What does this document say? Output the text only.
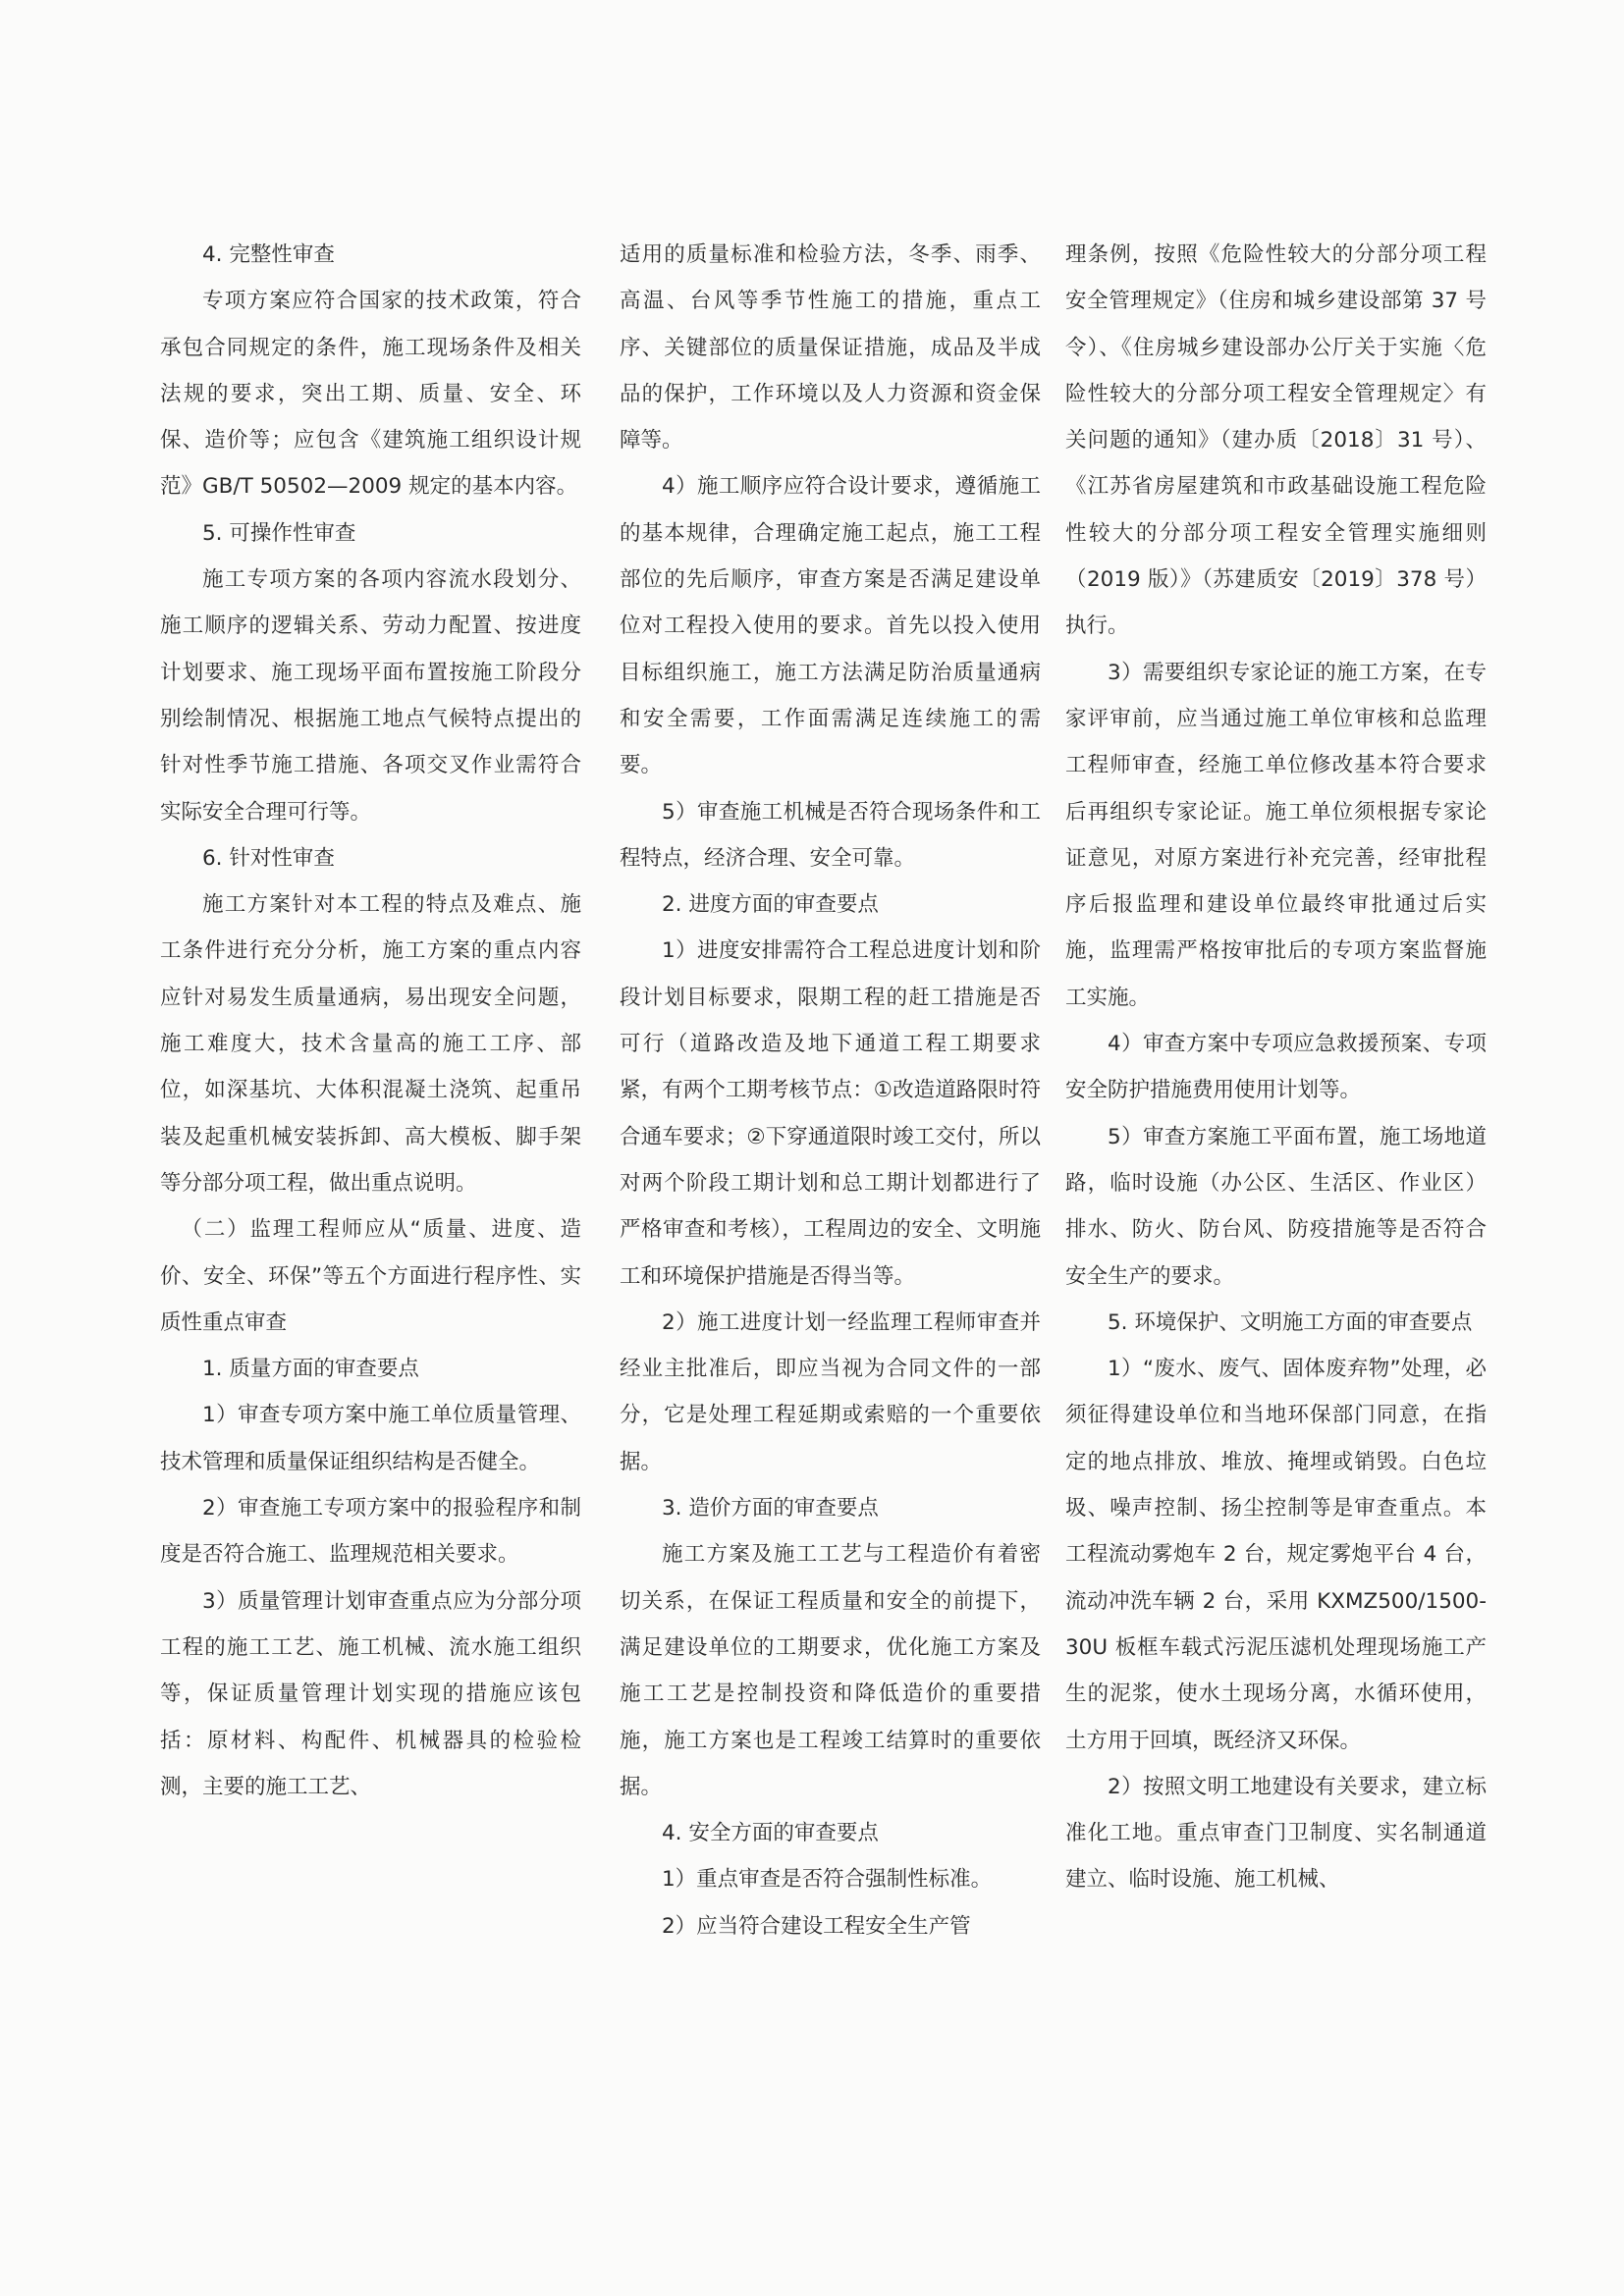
4. 完整性审查

专项方案应符合国家的技术政策，符合承包合同规定的条件，施工现场条件及相关法规的要求，突出工期、质量、安全、环保、造价等；应包含《建筑施工组织设计规范》GB/T 50502—2009 规定的基本内容。

5. 可操作性审查

施工专项方案的各项内容流水段划分、施工顺序的逻辑关系、劳动力配置、按进度计划要求、施工现场平面布置按施工阶段分别绘制情况、根据施工地点气候特点提出的针对性季节施工措施、各项交叉作业需符合实际安全合理可行等。

6. 针对性审查

施工方案针对本工程的特点及难点、施工条件进行充分分析，施工方案的重点内容应针对易发生质量通病，易出现安全问题，施工难度大，技术含量高的施工工序、部位，如深基坑、大体积混凝土浇筑、起重吊装及起重机械安装拆卸、高大模板、脚手架等分部分项工程，做出重点说明。

（二）监理工程师应从“质量、进度、造价、安全、环保”等五个方面进行程序性、实质性重点审查

1. 质量方面的审查要点

1）审查专项方案中施工单位质量管理、技术管理和质量保证组织结构是否健全。

2）审查施工专项方案中的报验程序和制度是否符合施工、监理规范相关要求。

3）质量管理计划审查重点应为分部分项工程的施工工艺、施工机械、流水施工组织等，保证质量管理计划实现的措施应该包括：原材料、构配件、机械器具的检验检测，主要的施工工艺、

适用的质量标准和检验方法，冬季、雨季、高温、台风等季节性施工的措施，重点工序、关键部位的质量保证措施，成品及半成品的保护，工作环境以及人力资源和资金保障等。

4）施工顺序应符合设计要求，遵循施工的基本规律，合理确定施工起点，施工工程部位的先后顺序，审查方案是否满足建设单位对工程投入使用的要求。首先以投入使用目标组织施工，施工方法满足防治质量通病和安全需要，工作面需满足连续施工的需要。

5）审查施工机械是否符合现场条件和工程特点，经济合理、安全可靠。

2. 进度方面的审查要点

1）进度安排需符合工程总进度计划和阶段计划目标要求，限期工程的赶工措施是否可行（道路改造及地下通道工程工期要求紧，有两个工期考核节点：①改造道路限时符合通车要求；②下穿通道限时竣工交付，所以对两个阶段工期计划和总工期计划都进行了严格审查和考核），工程周边的安全、文明施工和环境保护措施是否得当等。

2）施工进度计划一经监理工程师审查并经业主批准后，即应当视为合同文件的一部分，它是处理工程延期或索赔的一个重要依据。

3. 造价方面的审查要点

施工方案及施工工艺与工程造价有着密切关系，在保证工程质量和安全的前提下，满足建设单位的工期要求，优化施工方案及施工工艺是控制投资和降低造价的重要措施，施工方案也是工程竣工结算时的重要依据。

4. 安全方面的审查要点

1）重点审查是否符合强制性标准。

2）应当符合建设工程安全生产管

理条例，按照《危险性较大的分部分项工程安全管理规定》（住房和城乡建设部第 37 号令）、《住房城乡建设部办公厅关于实施〈危险性较大的分部分项工程安全管理规定〉有关问题的通知》（建办质〔2018〕31 号）、《江苏省房屋建筑和市政基础设施工程危险性较大的分部分项工程安全管理实施细则（2019 版）》（苏建质安〔2019〕378 号）执行。

3）需要组织专家论证的施工方案，在专家评审前，应当通过施工单位审核和总监理工程师审查，经施工单位修改基本符合要求后再组织专家论证。施工单位须根据专家论证意见，对原方案进行补充完善，经审批程序后报监理和建设单位最终审批通过后实施，监理需严格按审批后的专项方案监督施工实施。

4）审查方案中专项应急救援预案、专项安全防护措施费用使用计划等。

5）审查方案施工平面布置，施工场地道路，临时设施（办公区、生活区、作业区）排水、防火、防台风、防疫措施等是否符合安全生产的要求。

5. 环境保护、文明施工方面的审查要点

1）“废水、废气、固体废弃物”处理，必须征得建设单位和当地环保部门同意，在指定的地点排放、堆放、掩埋或销毁。白色垃圾、噪声控制、扬尘控制等是审查重点。本工程流动雾炮车 2 台，规定雾炮平台 4 台，流动冲洗车辆 2 台，采用 KXMZ500/1500-30U 板框车载式污泥压滤机处理现场施工产生的泥浆，使水土现场分离，水循环使用，土方用于回填，既经济又环保。

2）按照文明工地建设有关要求，建立标准化工地。重点审查门卫制度、实名制通道建立、临时设施、施工机械、
